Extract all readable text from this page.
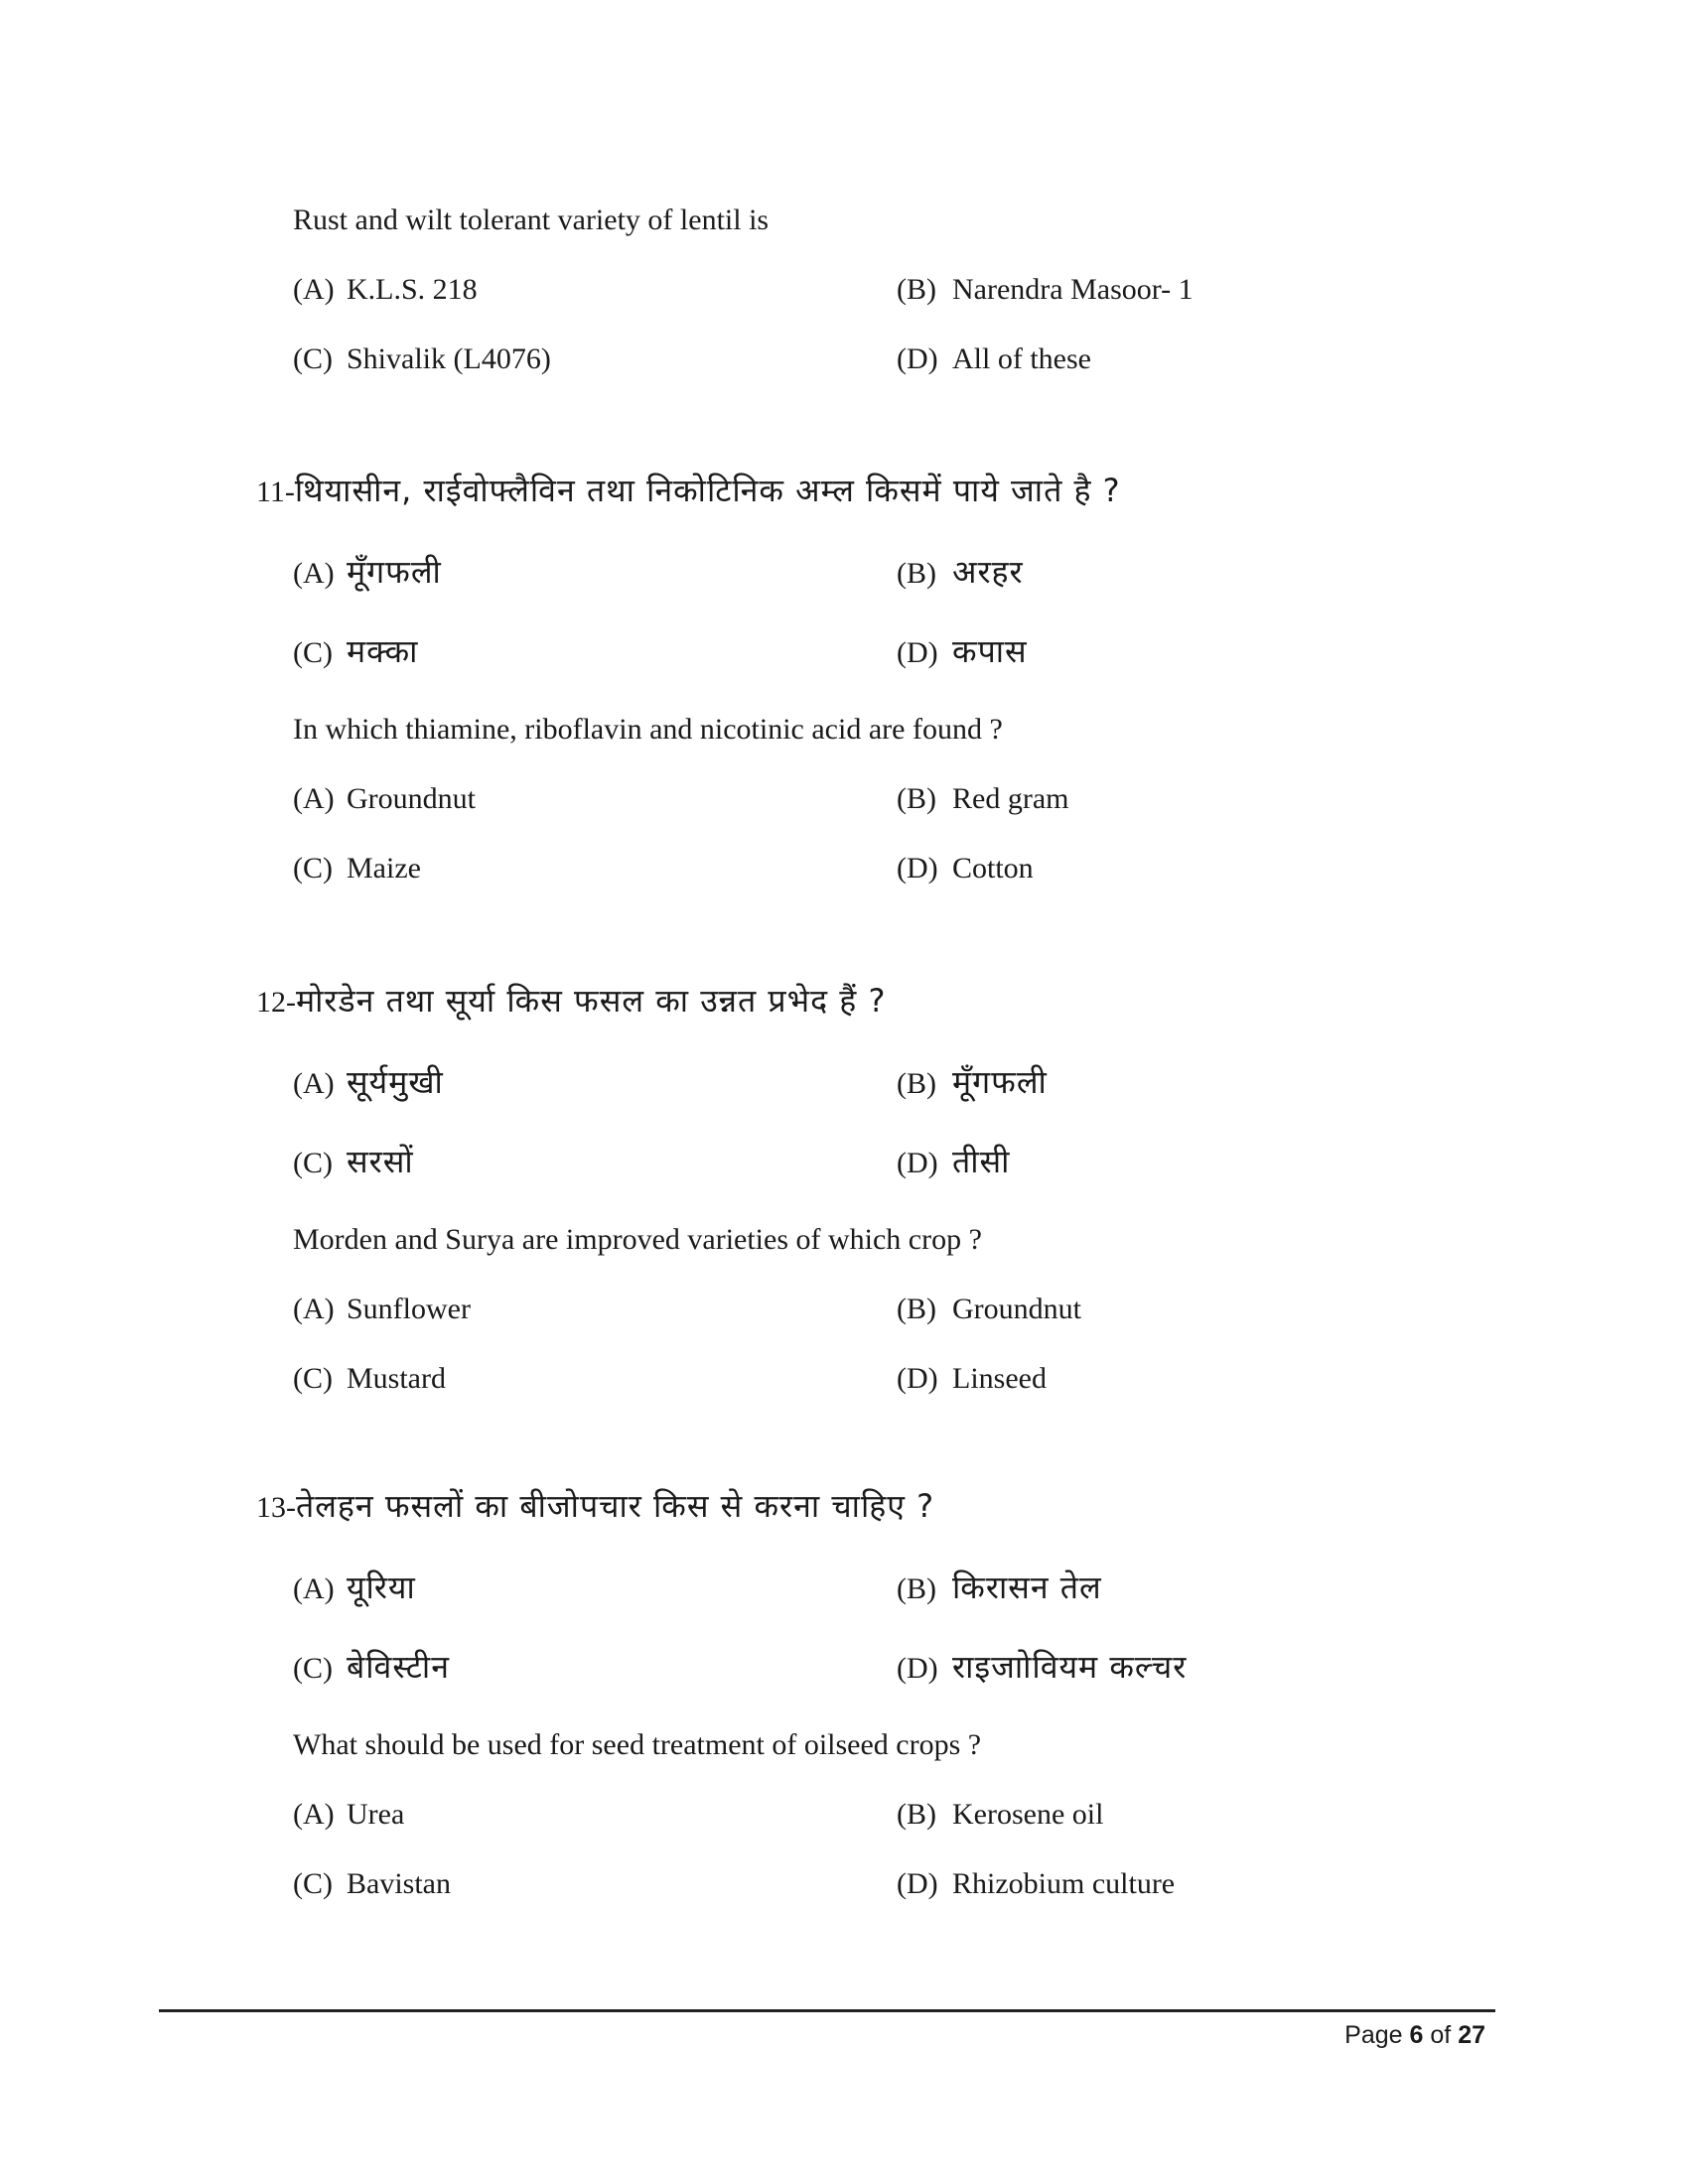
Rust and wilt tolerant variety of lentil is
(A) K.L.S. 218	(B) Narendra Masoor- 1
(C) Shivalik (L4076)	(D) All of these
11-थियासीन, राईवोफ्लैविन तथा निकोटिनिक अम्ल किसमें पाये जाते है ?
(A) मूँगफली	(B) अरहर
(C) मक्का	(D) कपास
In which thiamine, riboflavin and nicotinic acid are found ?
(A) Groundnut	(B) Red gram
(C) Maize	(D) Cotton
12-मोरडेन तथा सूर्या किस फसल का उन्नत प्रभेद हैं ?
(A) सूर्यमुखी	(B) मूँगफली
(C) सरसों	(D) तीसी
Morden and Surya are improved varieties of which crop ?
(A) Sunflower	(B) Groundnut
(C) Mustard	(D) Linseed
13-तेलहन फसलों का बीजोपचार किस से करना चाहिए ?
(A) यूरिया	(B) किरासन तेल
(C) बेविस्टीन	(D) राइजाोवियम कल्चर
What should be used for seed treatment of oilseed crops ?
(A) Urea	(B) Kerosene oil
(C) Bavistan	(D) Rhizobium culture
Page 6 of 27
